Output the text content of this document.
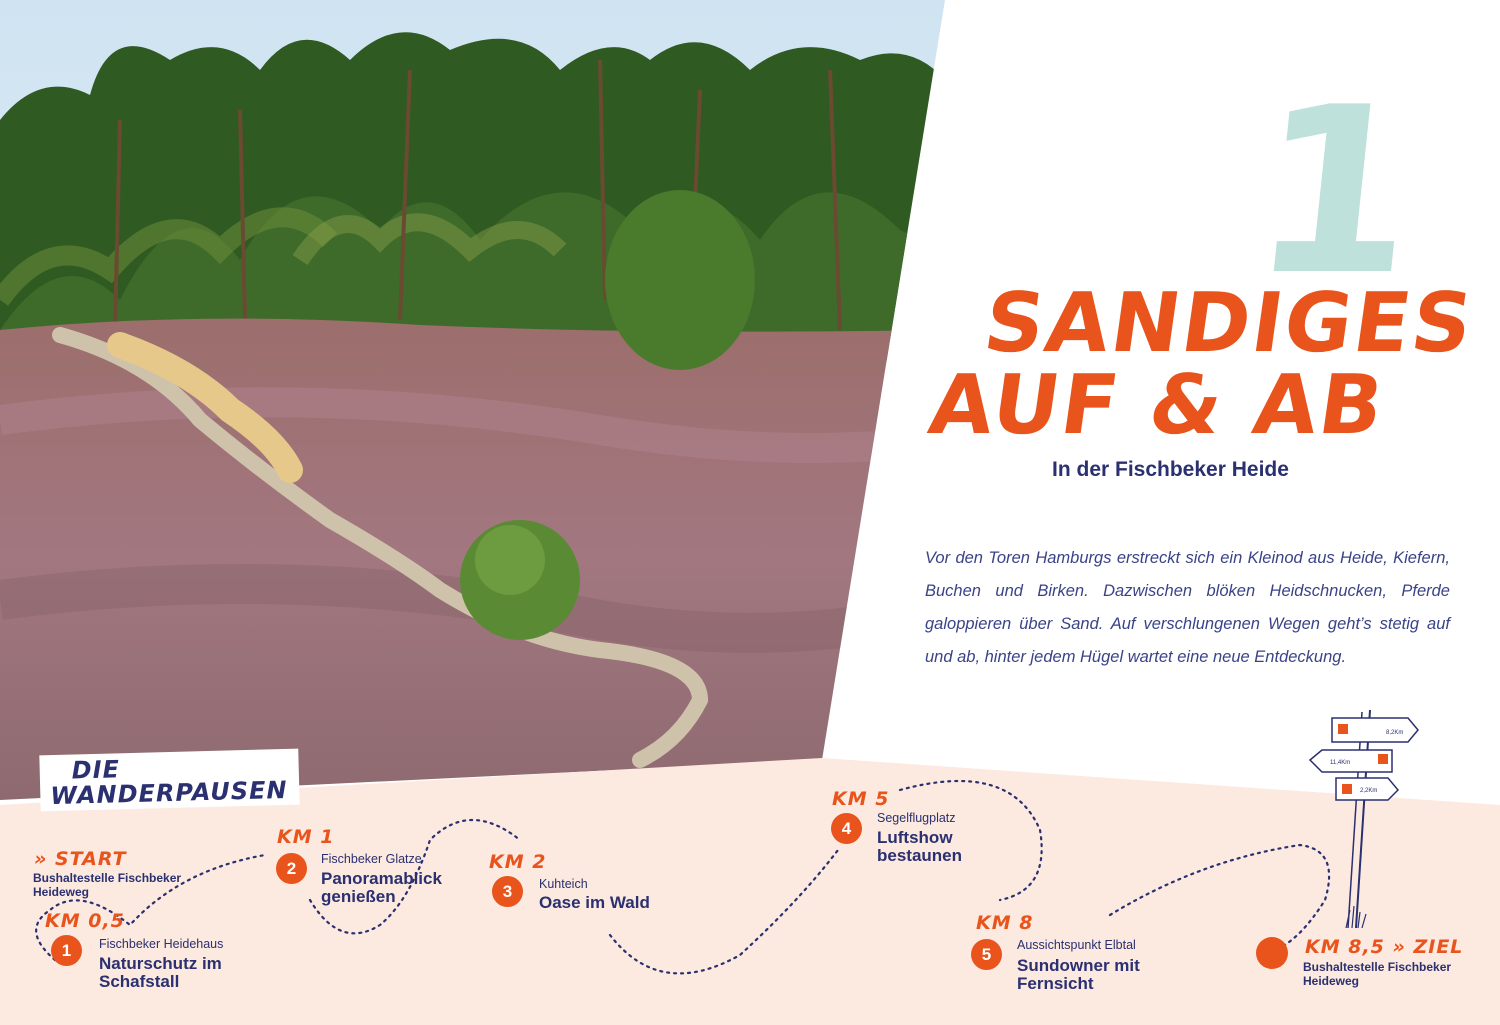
8,2Km
11,4Km
2,2Km
1
SANDIGES
AUF & AB
In der Fischbeker Heide
Vor den Toren Hamburgs erstreckt sich ein Kleinod aus Heide, Kiefern, Buchen und Birken. Dazwischen blöken Heidschnucken, Pferde galoppieren über Sand. Auf verschlungenen Wegen geht’s stetig auf und ab, hinter jedem Hügel wartet eine neue Entdeckung.
DIE
WANDERPAUSEN
» START
Bushaltestelle Fischbeker Heideweg
KM 0,5
1	Fischbeker Heidehaus
Naturschutz im Schafstall
KM 1
2	Fischbeker Glatze
Panoramablick genießen
KM 2
3	Kuhteich
Oase im Wald
KM 5
4
Segelflugplatz
Luftshow bestaunen
KM 8
5	Aussichtspunkt Elbtal
Sundowner mit Fernsicht
KM 8,5 » ZIEL
Bushaltestelle Fischbeker Heideweg
